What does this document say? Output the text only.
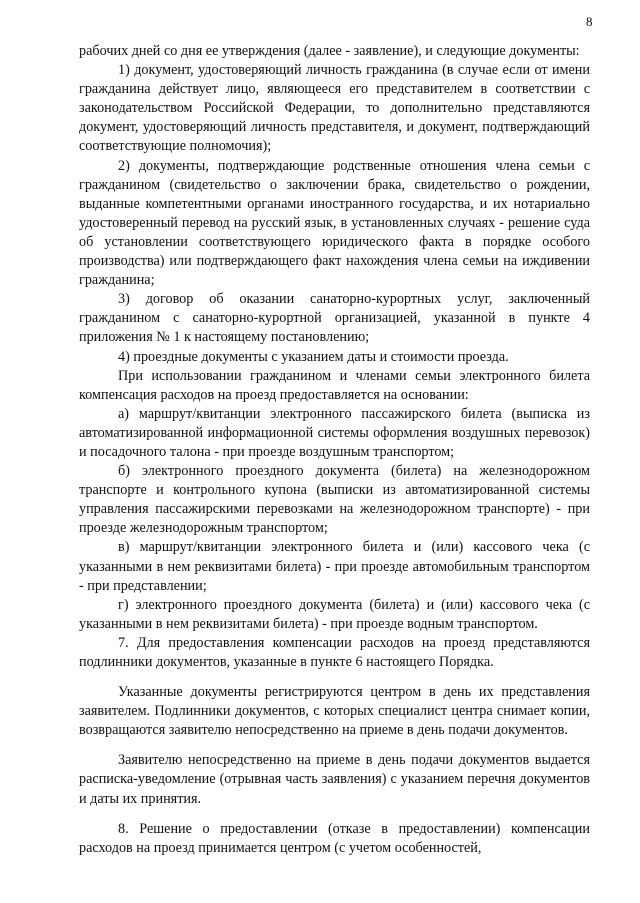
8

рабочих дней со дня ее утверждения (далее - заявление), и следующие документы:

1) документ, удостоверяющий личность гражданина (в случае если от имени гражданина действует лицо, являющееся его представителем в соответствии с законодательством Российской Федерации, то дополнительно представляются документ, удостоверяющий личность представителя, и документ, подтверждающий соответствующие полномочия);

2) документы, подтверждающие родственные отношения члена семьи с гражданином (свидетельство о заключении брака, свидетельство о рождении, выданные компетентными органами иностранного государства, и их нотариально удостоверенный перевод на русский язык, в установленных случаях - решение суда об установлении соответствующего юридического факта в порядке особого производства) или подтверждающего факт нахождения члена семьи на иждивении гражданина;

3) договор об оказании санаторно-курортных услуг, заключенный гражданином с санаторно-курортной организацией, указанной в пункте 4 приложения № 1 к настоящему постановлению;

4) проездные документы с указанием даты и стоимости проезда.

При использовании гражданином и членами семьи электронного билета компенсация расходов на проезд предоставляется на основании:

а) маршрут/квитанции электронного пассажирского билета (выписка из автоматизированной информационной системы оформления воздушных перевозок) и посадочного талона - при проезде воздушным транспортом;

б) электронного проездного документа (билета) на железнодорожном транспорте и контрольного купона (выписки из автоматизированной системы управления пассажирскими перевозками на железнодорожном транспорте) - при проезде железнодорожным транспортом;

в) маршрут/квитанции электронного билета и (или) кассового чека (с указанными в нем реквизитами билета) - при проезде автомобильным транспортом - при представлении;

г) электронного проездного документа (билета) и (или) кассового чека (с указанными в нем реквизитами билета) - при проезде водным транспортом.

7. Для предоставления компенсации расходов на проезд представляются подлинники документов, указанные в пункте 6 настоящего Порядка.

Указанные документы регистрируются центром в день их представления заявителем. Подлинники документов, с которых специалист центра снимает копии, возвращаются заявителю непосредственно на приеме в день подачи документов.

Заявителю непосредственно на приеме в день подачи документов выдается расписка-уведомление (отрывная часть заявления) с указанием перечня документов и даты их принятия.

8. Решение о предоставлении (отказе в предоставлении) компенсации расходов на проезд принимается центром (с учетом особенностей,
